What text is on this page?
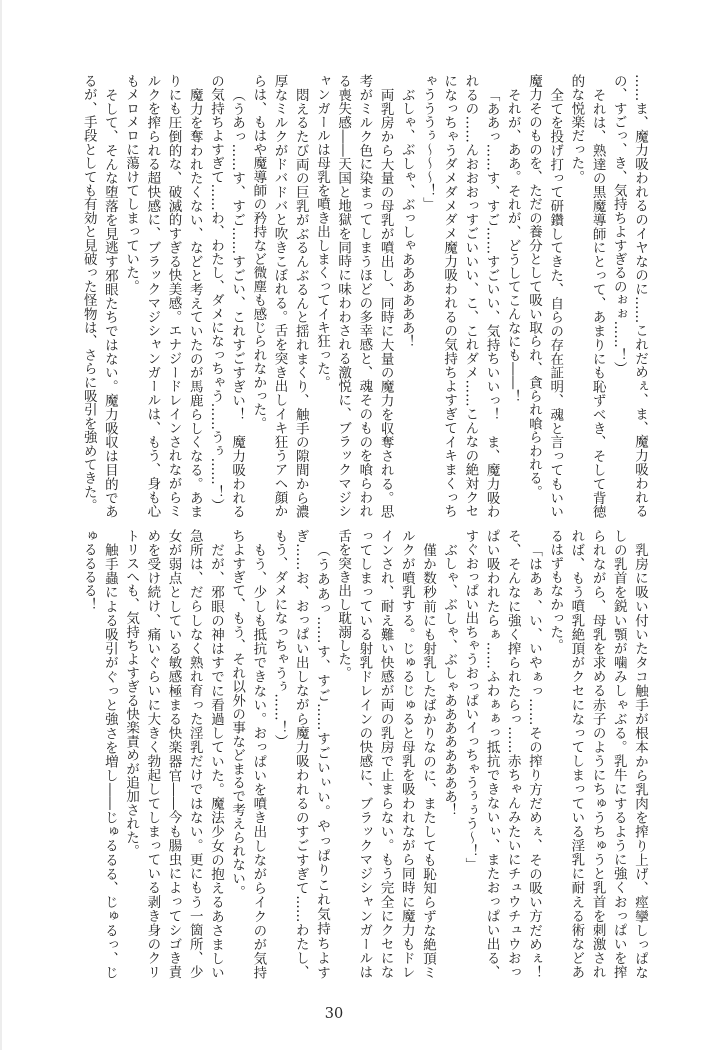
……ま、魔力吸われるのイヤなのに……これだめぇ、ま、魔力吸われるの、すごっ、き、気持ちよすぎるのぉぉ……！）

それは、熟達の黒魔導師にとって、あまりにも恥ずべき、そして背徳的な悦楽だった。

全てを投げ打って研鑽してきた、自らの存在証明、魂と言ってもいい魔力そのものを、ただの養分として吸い取られ、貪られ喰らわれる。

それが、ああ。それが、どうしてこんなにも――！

「ああっ……す、すご……すごいい、気持ちいいっ！　ま、魔力吸われるの……んおおおっすごいいい、こ、これダメ……こんなの絶対クセになっちゃうダメダメダメ魔力吸われるの気持ちよすぎてイキまくっちゃうううぅ～～～！」

ぶしゃ、ぶしゃ、ぶっしゃああああああ！

両乳房から大量の母乳が噴出し、同時に大量の魔力を収奪される。思考がミルク色に染まってしまうほどの多幸感と、魂そのものを喰らわれる喪失感――天国と地獄を同時に味わわされる激悦に、ブラックマジシャンガールは母乳を噴き出しまくってイキ狂った。

悶えるたび両の巨乳がぶるんぶるんと揺れまくり、触手の隙間から濃厚なミルクがドバドバと吹きこぼれる。舌を突き出しイキ狂うアヘ顔からは、もはや魔導師の矜持など微塵も感じられなかった。

（うあっ……す、すご……すごい、これすごすぎい！　魔力吸われるの気持ちよすぎて……わ、わたし、ダメになっちゃう……うぅ……！）

魔力を奪われたくない、などと考えていたのが馬鹿らしくなる。あまりにも圧倒的な、破滅的すぎる快美感。エナジードレインされながらミルクを搾られる超快感に、ブラックマジシャンガールは、もう、身も心もメロメロに蕩けてしまっていた。

そして、そんな堕落を見逃す邪眼たちではない。魔力吸収は目的であるが、手段としても有効と見破った怪物は、さらに吸引を強めてきた。

乳房に吸い付いたタコ触手が根本から乳肉を搾り上げ、痙攣しっぱなしの乳首を鋭い顎が噛みしゃぶる。乳牛にするように強くおっぱいを搾られながら、母乳を求める赤子のようにちゅうちゅうと乳首を刺激されれば、もう噴乳絶頂がクセになってしまっている淫乳に耐える術などあるはずもなかった。

「はあぁ、い、いやぁっ……その搾り方だめぇ、その吸い方だめぇ！そ、そんなに強く搾られたらっ……赤ちゃんみたいにチュウチュウおっぱい吸われたらぁ……ふわぁぁっ抵抗できないぃ、またおっぱい出る、すぐおっぱい出ちゃうおっぱいイっちゃうぅぅう～！」

ぶしゃ、ぶしゃ、ぶしゃああああああああ！

僅か数秒前にも射乳したばかりなのに、またしても恥知らずな絶頂ミルクが噴乳する。じゅるじゅると母乳を吸われながら同時に魔力もドレインされ、耐え難い快感が両の乳房で止まらない。もう完全にクセになってしまっている射乳ドレインの快感に、ブラックマジシャンガールは舌を突き出し耽溺した。

（うああっ……す、すご……すごいぃい。やっぱりこれ気持ちよすぎ……お、おっぱい出しながら魔力吸われるのすごすぎて……わたし、もう、ダメになっちゃうぅ……！）

もう、少しも抵抗できない。おっぱいを噴き出しながらイクのが気持ちよすぎて、もう、それ以外の事などまるで考えられない。

だが、邪眼の神はすでに看過していた。魔法少女の抱えるあさましい急所は、だらしなく熟れ育った淫乳だけではない。更にもう一箇所、少女が弱点としている敏感極まる快楽器官――今も腸虫によってシゴき責めを受け続け、痛いぐらいに大きく勃起してしまっている剥き身のクリトリスへも、気持ちよすぎる快楽責めが追加された。

触手蟲による吸引がぐっと強さを増し――じゅるるる、じゅるっ、じゅるるるる！

30
